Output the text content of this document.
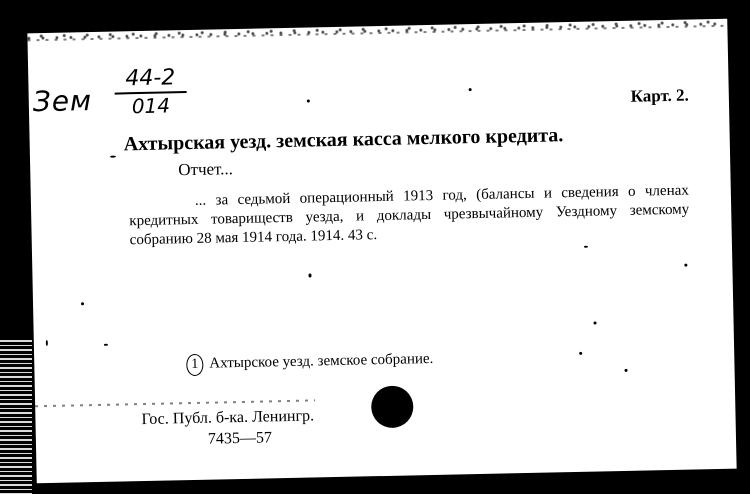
Зем
44-2
014	Карт. 2.
Ахтырская уезд. земская касса мелкого кредита.
Отчет...
... за седьмой операционный 1913 год, (балансы и сведения о членах кредитных товариществ уезда, и доклады чрезвычайному Уездному земскому собранию 28 мая 1914 года. 1914. 43 с.
1 Ахтырское уезд. земское собрание.
Гос. Публ. б-ка. Ленингр.
7435—57
